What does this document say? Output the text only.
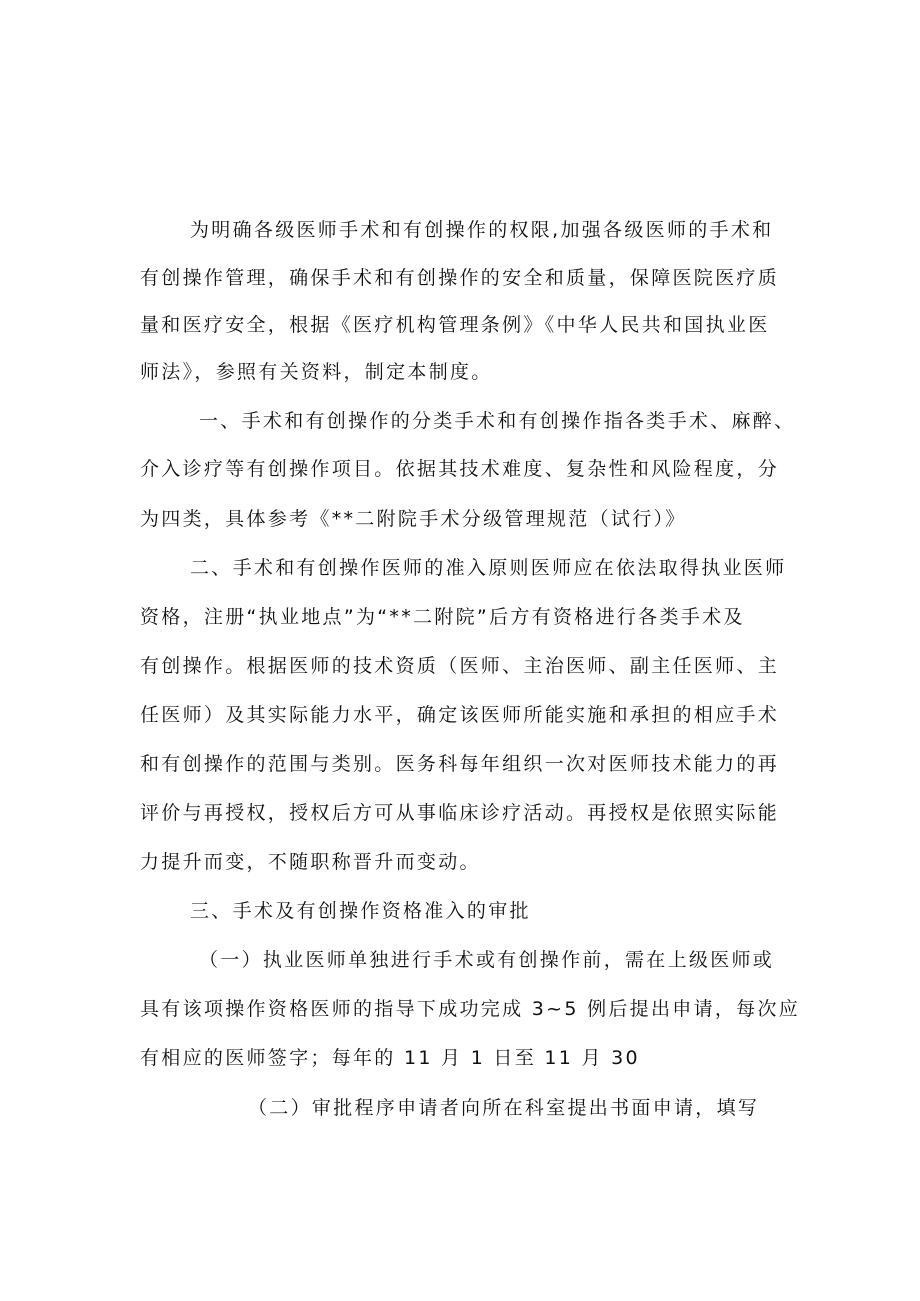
为明确各级医师手术和有创操作的权限,加强各级医师的手术和
有创操作管理，确保手术和有创操作的安全和质量，保障医院医疗质
量和医疗安全，根据《医疗机构管理条例》《中华人民共和国执业医
师法》，参照有关资料，制定本制度。
一、手术和有创操作的分类手术和有创操作指各类手术、麻醉、
介入诊疗等有创操作项目。依据其技术难度、复杂性和风险程度，分
为四类，具体参考《**二附院手术分级管理规范（试行）》
二、手术和有创操作医师的准入原则医师应在依法取得执业医师
资格，注册“执业地点”为“**二附院”后方有资格进行各类手术及
有创操作。根据医师的技术资质（医师、主治医师、副主任医师、主
任医师）及其实际能力水平，确定该医师所能实施和承担的相应手术
和有创操作的范围与类别。医务科每年组织一次对医师技术能力的再
评价与再授权，授权后方可从事临床诊疗活动。再授权是依照实际能
力提升而变，不随职称晋升而变动。
三、手术及有创操作资格准入的审批
（一）执业医师单独进行手术或有创操作前，需在上级医师或
具有该项操作资格医师的指导下成功完成 3~5 例后提出申请，每次应
有相应的医师签字；每年的 11 月 1 日至 11 月 30
（二）审批程序申请者向所在科室提出书面申请，填写
